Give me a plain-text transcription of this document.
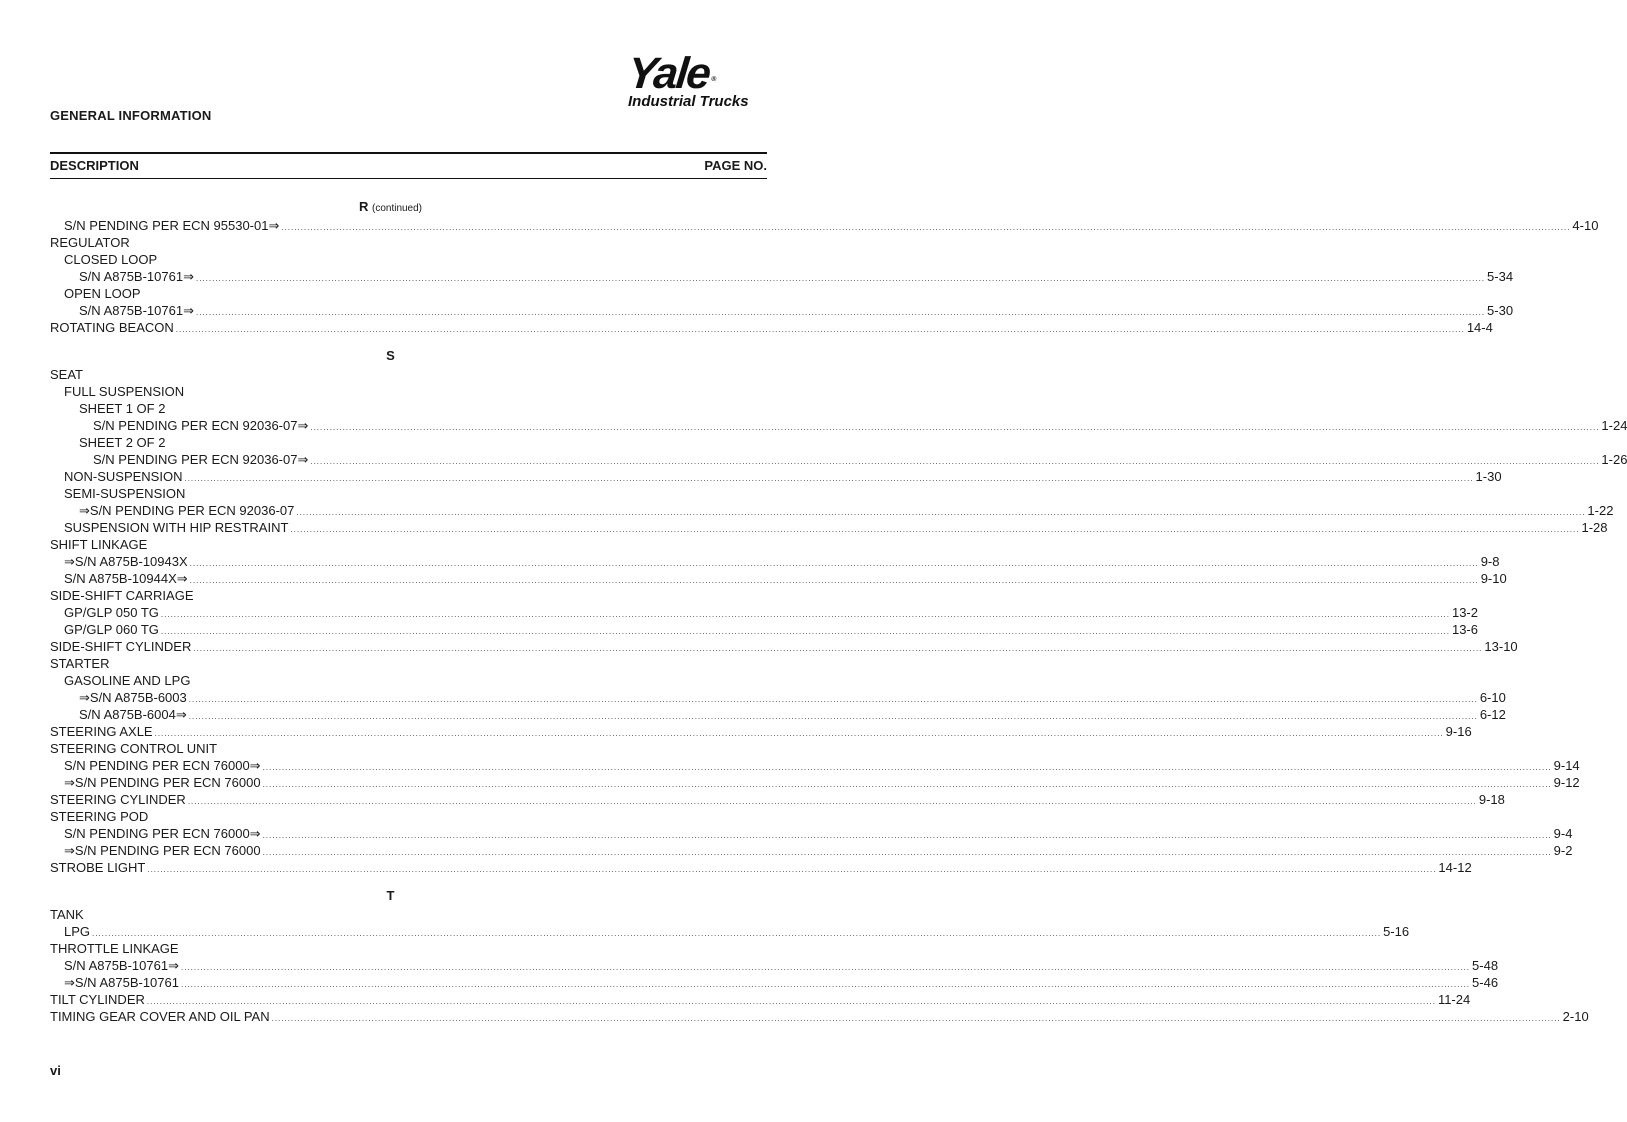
Yale ®
Industrial Trucks
GENERAL INFORMATION
DESCRIPTION	PAGE NO.
R (continued)
S/N PENDING PER ECN 95530-01⇒ ................................................................................................................................................................................................................................................................................................................................................................................................................ 4-10
REGULATOR
CLOSED LOOP
S/N A875B-10761⇒ ................................................................................................................................................................................................................................................................................................................................................................................................................ 5-34
OPEN LOOP
S/N A875B-10761⇒ ................................................................................................................................................................................................................................................................................................................................................................................................................ 5-30
ROTATING BEACON ................................................................................................................................................................................................................................................................................................................................................................................................................ 14-4
S
SEAT
FULL SUSPENSION
SHEET 1 OF 2
S/N PENDING PER ECN 92036-07⇒ ................................................................................................................................................................................................................................................................................................................................................................................................................ 1-24
SHEET 2 OF 2
S/N PENDING PER ECN 92036-07⇒ ................................................................................................................................................................................................................................................................................................................................................................................................................ 1-26
NON-SUSPENSION ................................................................................................................................................................................................................................................................................................................................................................................................................ 1-30
SEMI-SUSPENSION
⇒S/N PENDING PER ECN 92036-07 ................................................................................................................................................................................................................................................................................................................................................................................................................ 1-22
SUSPENSION WITH HIP RESTRAINT ................................................................................................................................................................................................................................................................................................................................................................................................................ 1-28
SHIFT LINKAGE
⇒S/N A875B-10943X ................................................................................................................................................................................................................................................................................................................................................................................................................ 9-8
S/N A875B-10944X⇒ ................................................................................................................................................................................................................................................................................................................................................................................................................ 9-10
SIDE-SHIFT CARRIAGE
GP/GLP 050 TG ................................................................................................................................................................................................................................................................................................................................................................................................................ 13-2
GP/GLP 060 TG ................................................................................................................................................................................................................................................................................................................................................................................................................ 13-6
SIDE-SHIFT CYLINDER ................................................................................................................................................................................................................................................................................................................................................................................................................ 13-10
STARTER
GASOLINE AND LPG
⇒S/N A875B-6003 ................................................................................................................................................................................................................................................................................................................................................................................................................ 6-10
S/N A875B-6004⇒ ................................................................................................................................................................................................................................................................................................................................................................................................................ 6-12
STEERING AXLE ................................................................................................................................................................................................................................................................................................................................................................................................................ 9-16
STEERING CONTROL UNIT
S/N PENDING PER ECN 76000⇒ ................................................................................................................................................................................................................................................................................................................................................................................................................ 9-14
⇒S/N PENDING PER ECN 76000 ................................................................................................................................................................................................................................................................................................................................................................................................................ 9-12
STEERING CYLINDER ................................................................................................................................................................................................................................................................................................................................................................................................................ 9-18
STEERING POD
S/N PENDING PER ECN 76000⇒ ................................................................................................................................................................................................................................................................................................................................................................................................................ 9-4
⇒S/N PENDING PER ECN 76000 ................................................................................................................................................................................................................................................................................................................................................................................................................ 9-2
STROBE LIGHT ................................................................................................................................................................................................................................................................................................................................................................................................................ 14-12
T
TANK
LPG ................................................................................................................................................................................................................................................................................................................................................................................................................ 5-16
THROTTLE LINKAGE
S/N A875B-10761⇒ ................................................................................................................................................................................................................................................................................................................................................................................................................ 5-48
⇒S/N A875B-10761 ................................................................................................................................................................................................................................................................................................................................................................................................................ 5-46
TILT CYLINDER ................................................................................................................................................................................................................................................................................................................................................................................................................ 11-24
TIMING GEAR COVER AND OIL PAN ................................................................................................................................................................................................................................................................................................................................................................................................................ 2-10
vi
